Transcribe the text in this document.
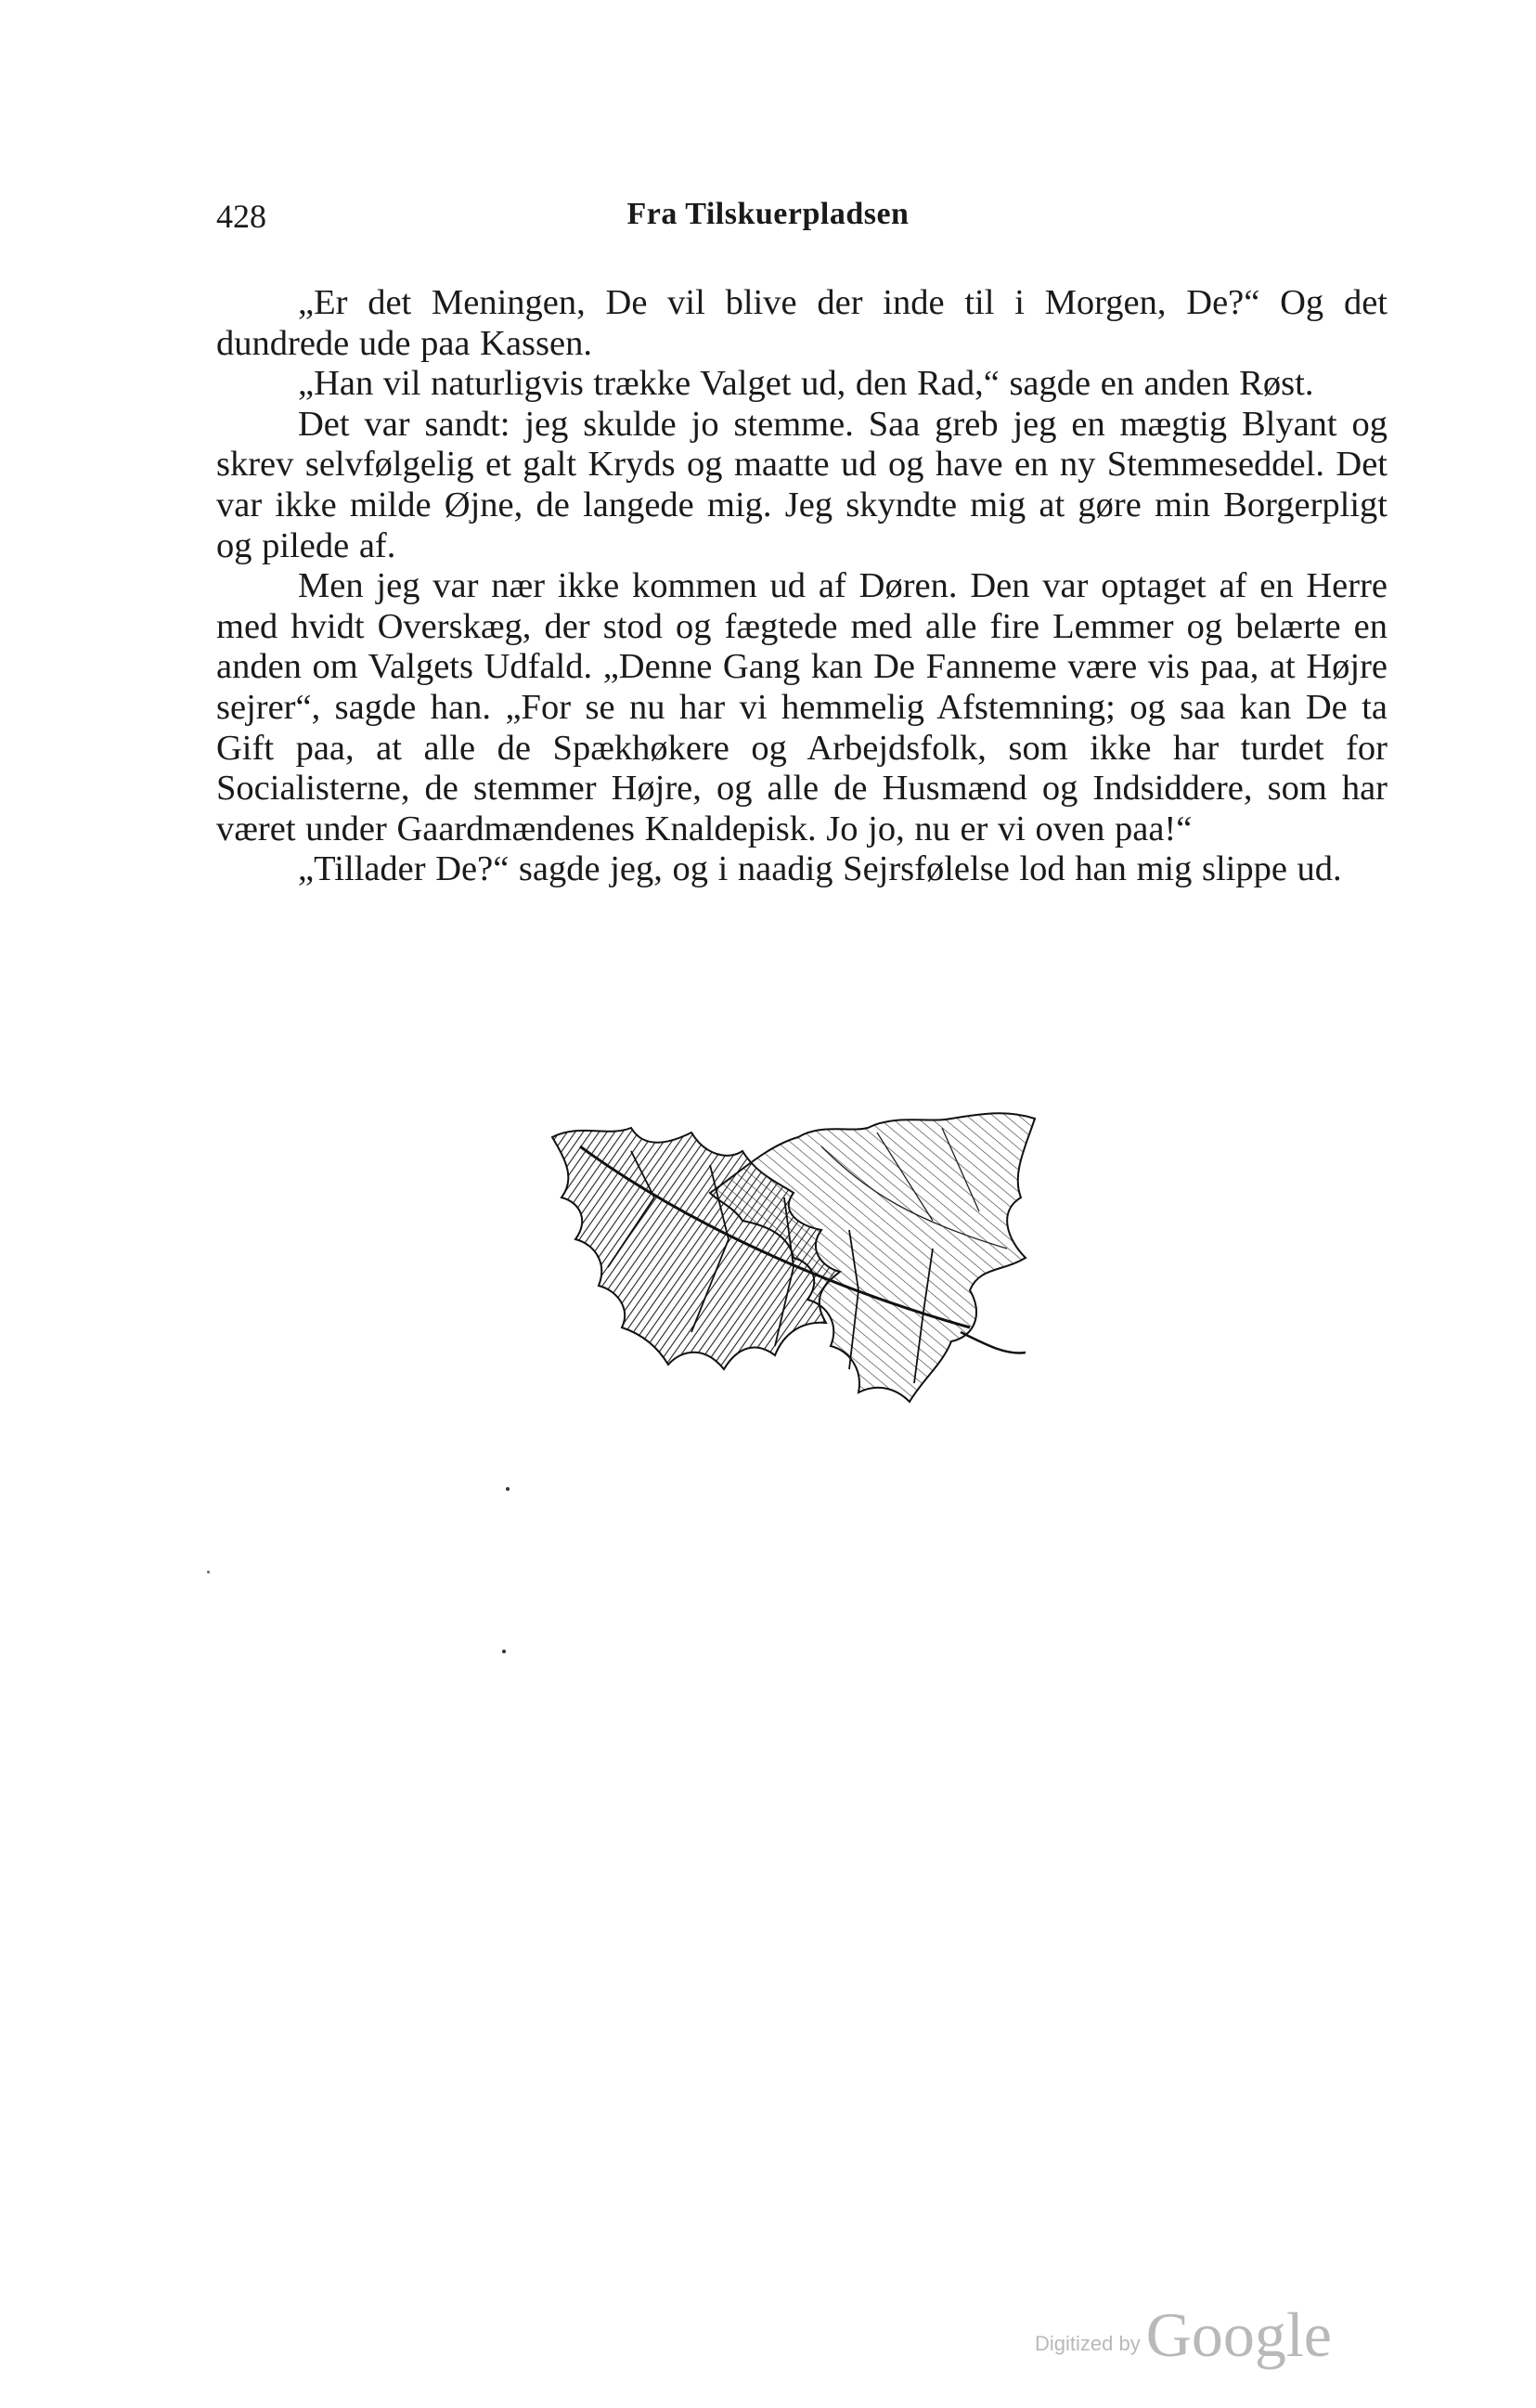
428	Fra Tilskuerpladsen

„Er det Meningen, De vil blive der inde til i Morgen, De?“ Og det dundrede ude paa Kassen.

„Han vil naturligvis trække Valget ud, den Rad,“ sagde en anden Røst.

Det var sandt: jeg skulde jo stemme. Saa greb jeg en mægtig Blyant og skrev selvfølgelig et galt Kryds og maatte ud og have en ny Stemmeseddel. Det var ikke milde Øjne, de langede mig. Jeg skyndte mig at gøre min Borgerpligt og pilede af.

Men jeg var nær ikke kommen ud af Døren. Den var optaget af en Herre med hvidt Overskæg, der stod og fægtede med alle fire Lemmer og belærte en anden om Valgets Udfald. „Denne Gang kan De Fanneme være vis paa, at Højre sejrer“, sagde han. „For se nu har vi hemmelig Afstemning; og saa kan De ta Gift paa, at alle de Spækhøkere og Arbejdsfolk, som ikke har turdet for Socialisterne, de stemmer Højre, og alle de Husmænd og Indsiddere, som har været under Gaardmændenes Knaldepisk. Jo jo, nu er vi oven paa!“

„Tillader De?“ sagde jeg, og i naadig Sejrsfølelse lod han mig slippe ud.

Digitized byGoogle
